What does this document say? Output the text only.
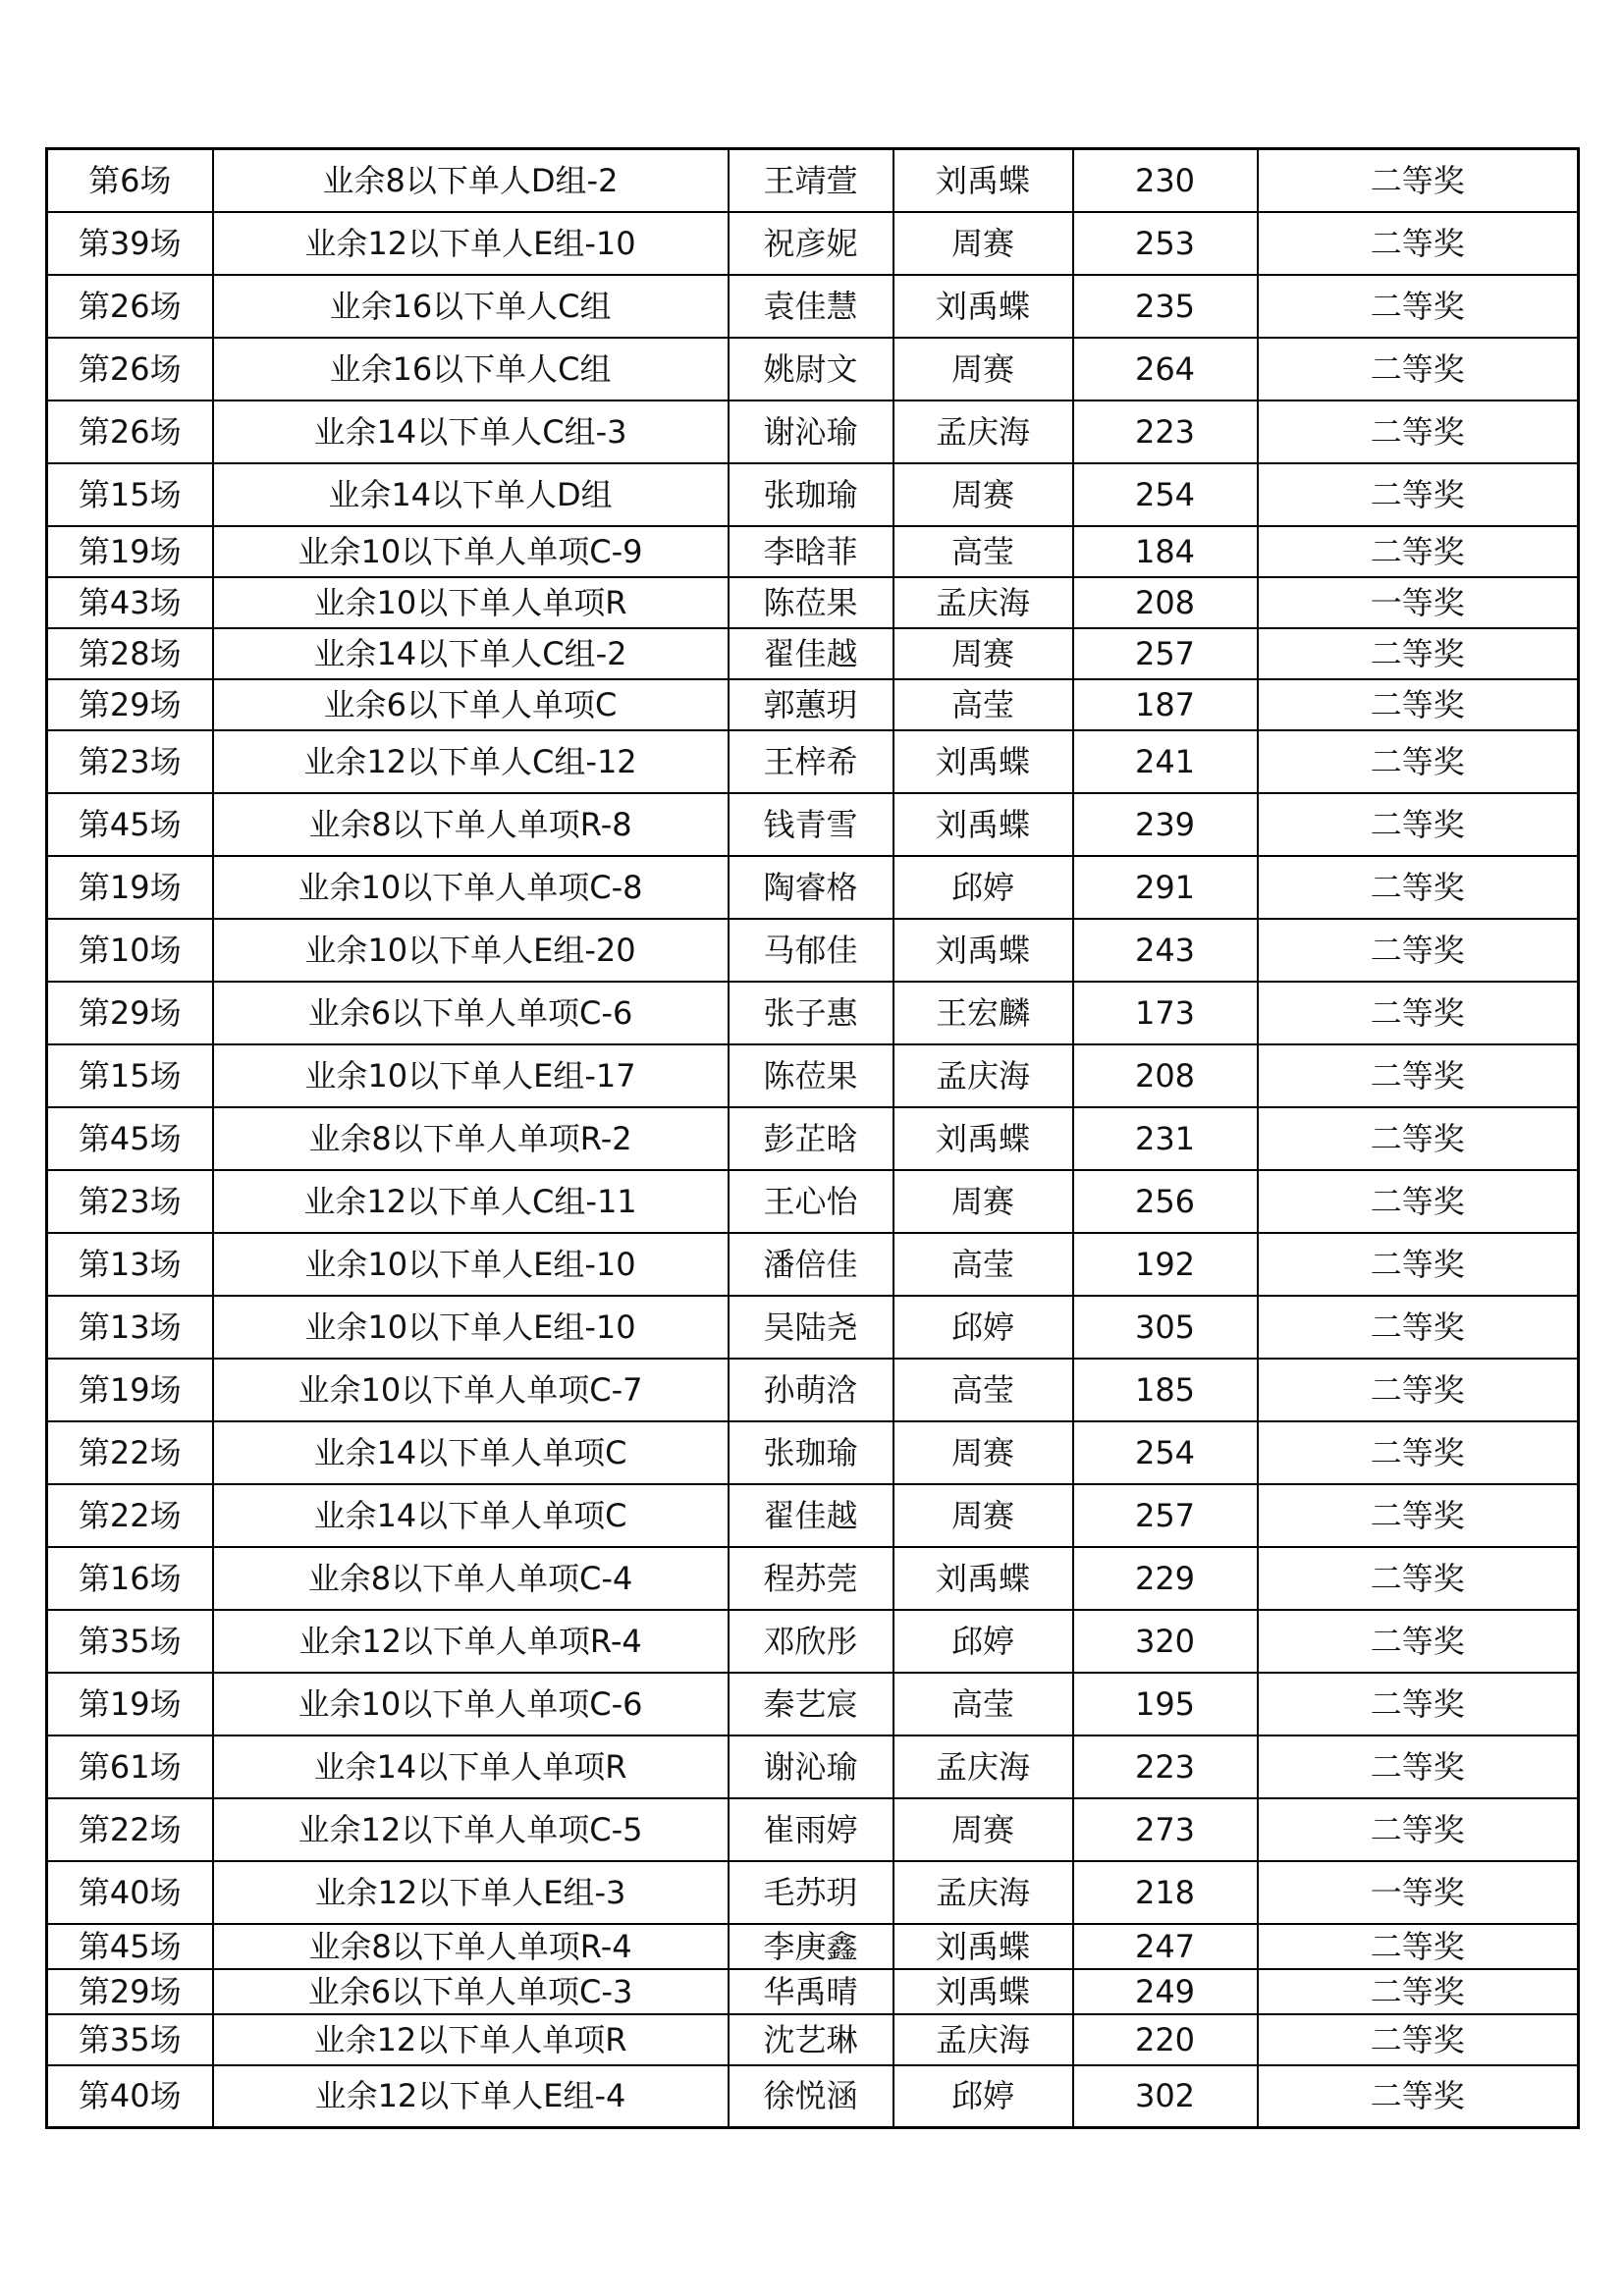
第6场	业余8以下单人D组-2	王靖萱	刘禹蝶	230	二等奖
第39场	业余12以下单人E组-10	祝彦妮	周赛	253	二等奖
第26场	业余16以下单人C组	袁佳慧	刘禹蝶	235	二等奖
第26场	业余16以下单人C组	姚尉文	周赛	264	二等奖
第26场	业余14以下单人C组-3	谢沁瑜	孟庆海	223	二等奖
第15场	业余14以下单人D组	张珈瑜	周赛	254	二等奖
第19场	业余10以下单人单项C-9	李晗菲	高莹	184	二等奖
第43场	业余10以下单人单项R	陈莅果	孟庆海	208	一等奖
第28场	业余14以下单人C组-2	翟佳越	周赛	257	二等奖
第29场	业余6以下单人单项C	郭蕙玥	高莹	187	二等奖
第23场	业余12以下单人C组-12	王梓希	刘禹蝶	241	二等奖
第45场	业余8以下单人单项R-8	钱青雪	刘禹蝶	239	二等奖
第19场	业余10以下单人单项C-8	陶睿格	邱婷	291	二等奖
第10场	业余10以下单人E组-20	马郁佳	刘禹蝶	243	二等奖
第29场	业余6以下单人单项C-6	张子惠	王宏麟	173	二等奖
第15场	业余10以下单人E组-17	陈莅果	孟庆海	208	二等奖
第45场	业余8以下单人单项R-2	彭芷晗	刘禹蝶	231	二等奖
第23场	业余12以下单人C组-11	王心怡	周赛	256	二等奖
第13场	业余10以下单人E组-10	潘倍佳	高莹	192	二等奖
第13场	业余10以下单人E组-10	吴陆尧	邱婷	305	二等奖
第19场	业余10以下单人单项C-7	孙萌浛	高莹	185	二等奖
第22场	业余14以下单人单项C	张珈瑜	周赛	254	二等奖
第22场	业余14以下单人单项C	翟佳越	周赛	257	二等奖
第16场	业余8以下单人单项C-4	程苏莞	刘禹蝶	229	二等奖
第35场	业余12以下单人单项R-4	邓欣彤	邱婷	320	二等奖
第19场	业余10以下单人单项C-6	秦艺宸	高莹	195	二等奖
第61场	业余14以下单人单项R	谢沁瑜	孟庆海	223	二等奖
第22场	业余12以下单人单项C-5	崔雨婷	周赛	273	二等奖
第40场	业余12以下单人E组-3	毛苏玥	孟庆海	218	一等奖
第45场	业余8以下单人单项R-4	李庚鑫	刘禹蝶	247	二等奖
第29场	业余6以下单人单项C-3	华禹晴	刘禹蝶	249	二等奖
第35场	业余12以下单人单项R	沈艺琳	孟庆海	220	二等奖
第40场	业余12以下单人E组-4	徐悦涵	邱婷	302	二等奖
